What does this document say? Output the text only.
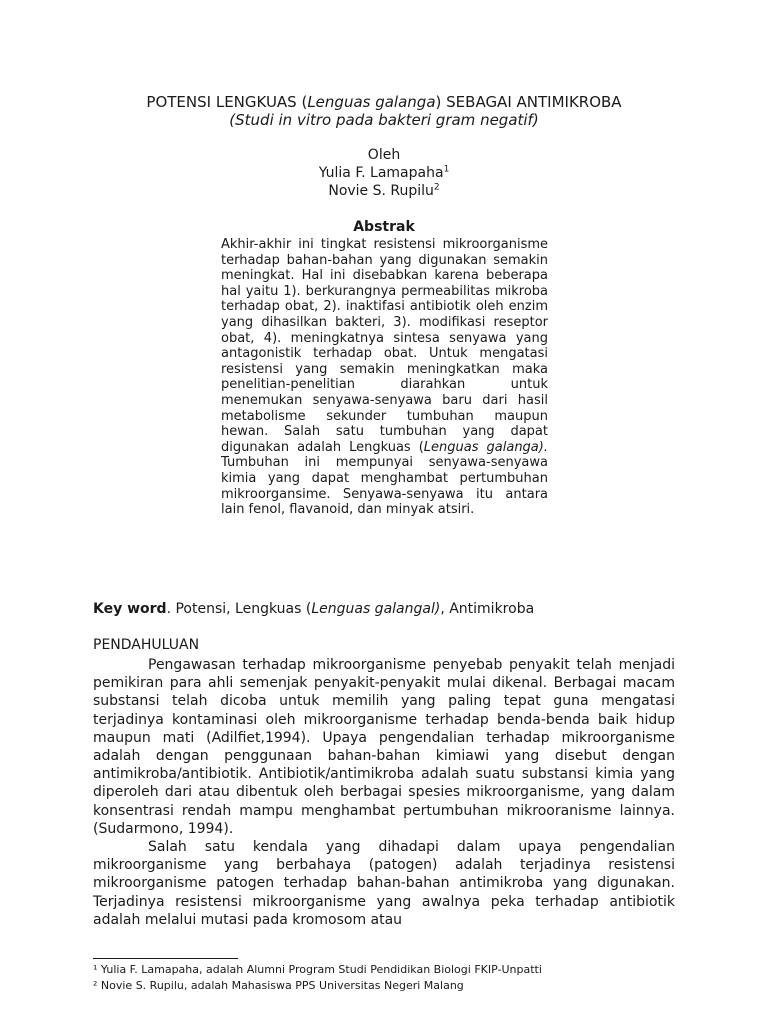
POTENSI LENGKUAS (Lenguas galanga) SEBAGAI ANTIMIKROBA
(Studi in vitro pada bakteri gram negatif)
Oleh
Yulia F. Lamapaha$^1$
Novie S. Rupilu$^2$
Abstrak
Akhir-akhir ini tingkat resistensi mikroorganisme terhadap bahan-bahan yang digunakan semakin meningkat. Hal ini disebabkan karena beberapa hal yaitu 1). berkurangnya permeabilitas mikroba terhadap obat, 2). inaktifasi antibiotik oleh enzim yang dihasilkan bakteri, 3). modifikasi reseptor obat, 4). meningkatnya sintesa senyawa yang antagonistik terhadap obat. Untuk mengatasi resistensi yang semakin meningkatkan maka penelitian-penelitian diarahkan untuk menemukan senyawa-senyawa baru dari hasil metabolisme sekunder tumbuhan maupun hewan. Salah satu tumbuhan yang dapat digunakan adalah Lengkuas (Lenguas galanga). Tumbuhan ini mempunyai senyawa-senyawa kimia yang dapat menghambat pertumbuhan mikroorgansime. Senyawa-senyawa itu antara lain fenol, flavanoid, dan minyak atsiri.
Key word. Potensi, Lengkuas (Lenguas galangal), Antimikroba
PENDAHULUAN

Pengawasan terhadap mikroorganisme penyebab penyakit telah menjadi pemikiran para ahli semenjak penyakit-penyakit mulai dikenal. Berbagai macam substansi telah dicoba untuk memilih yang paling tepat guna mengatasi terjadinya kontaminasi oleh mikroorganisme terhadap benda-benda baik hidup maupun mati (Adilfiet,1994). Upaya pengendalian terhadap mikroorganisme adalah dengan penggunaan bahan-bahan kimiawi yang disebut dengan antimikroba/antibiotik. Antibiotik/antimikroba adalah suatu substansi kimia yang diperoleh dari atau dibentuk oleh berbagai spesies mikroorganisme, yang dalam konsentrasi rendah mampu menghambat pertumbuhan mikrooranisme lainnya. (Sudarmono, 1994).

Salah satu kendala yang dihadapi dalam upaya pengendalian mikroorganisme yang berbahaya (patogen) adalah terjadinya resistensi mikroorganisme patogen terhadap bahan-bahan antimikroba yang digunakan. Terjadinya resistensi mikroorganisme yang awalnya peka terhadap antibiotik adalah melalui mutasi pada kromosom atau

¹ Yulia F. Lamapaha, adalah Alumni Program Studi Pendidikan Biologi FKIP-Unpatti

² Novie S. Rupilu, adalah Mahasiswa PPS Universitas Negeri Malang
